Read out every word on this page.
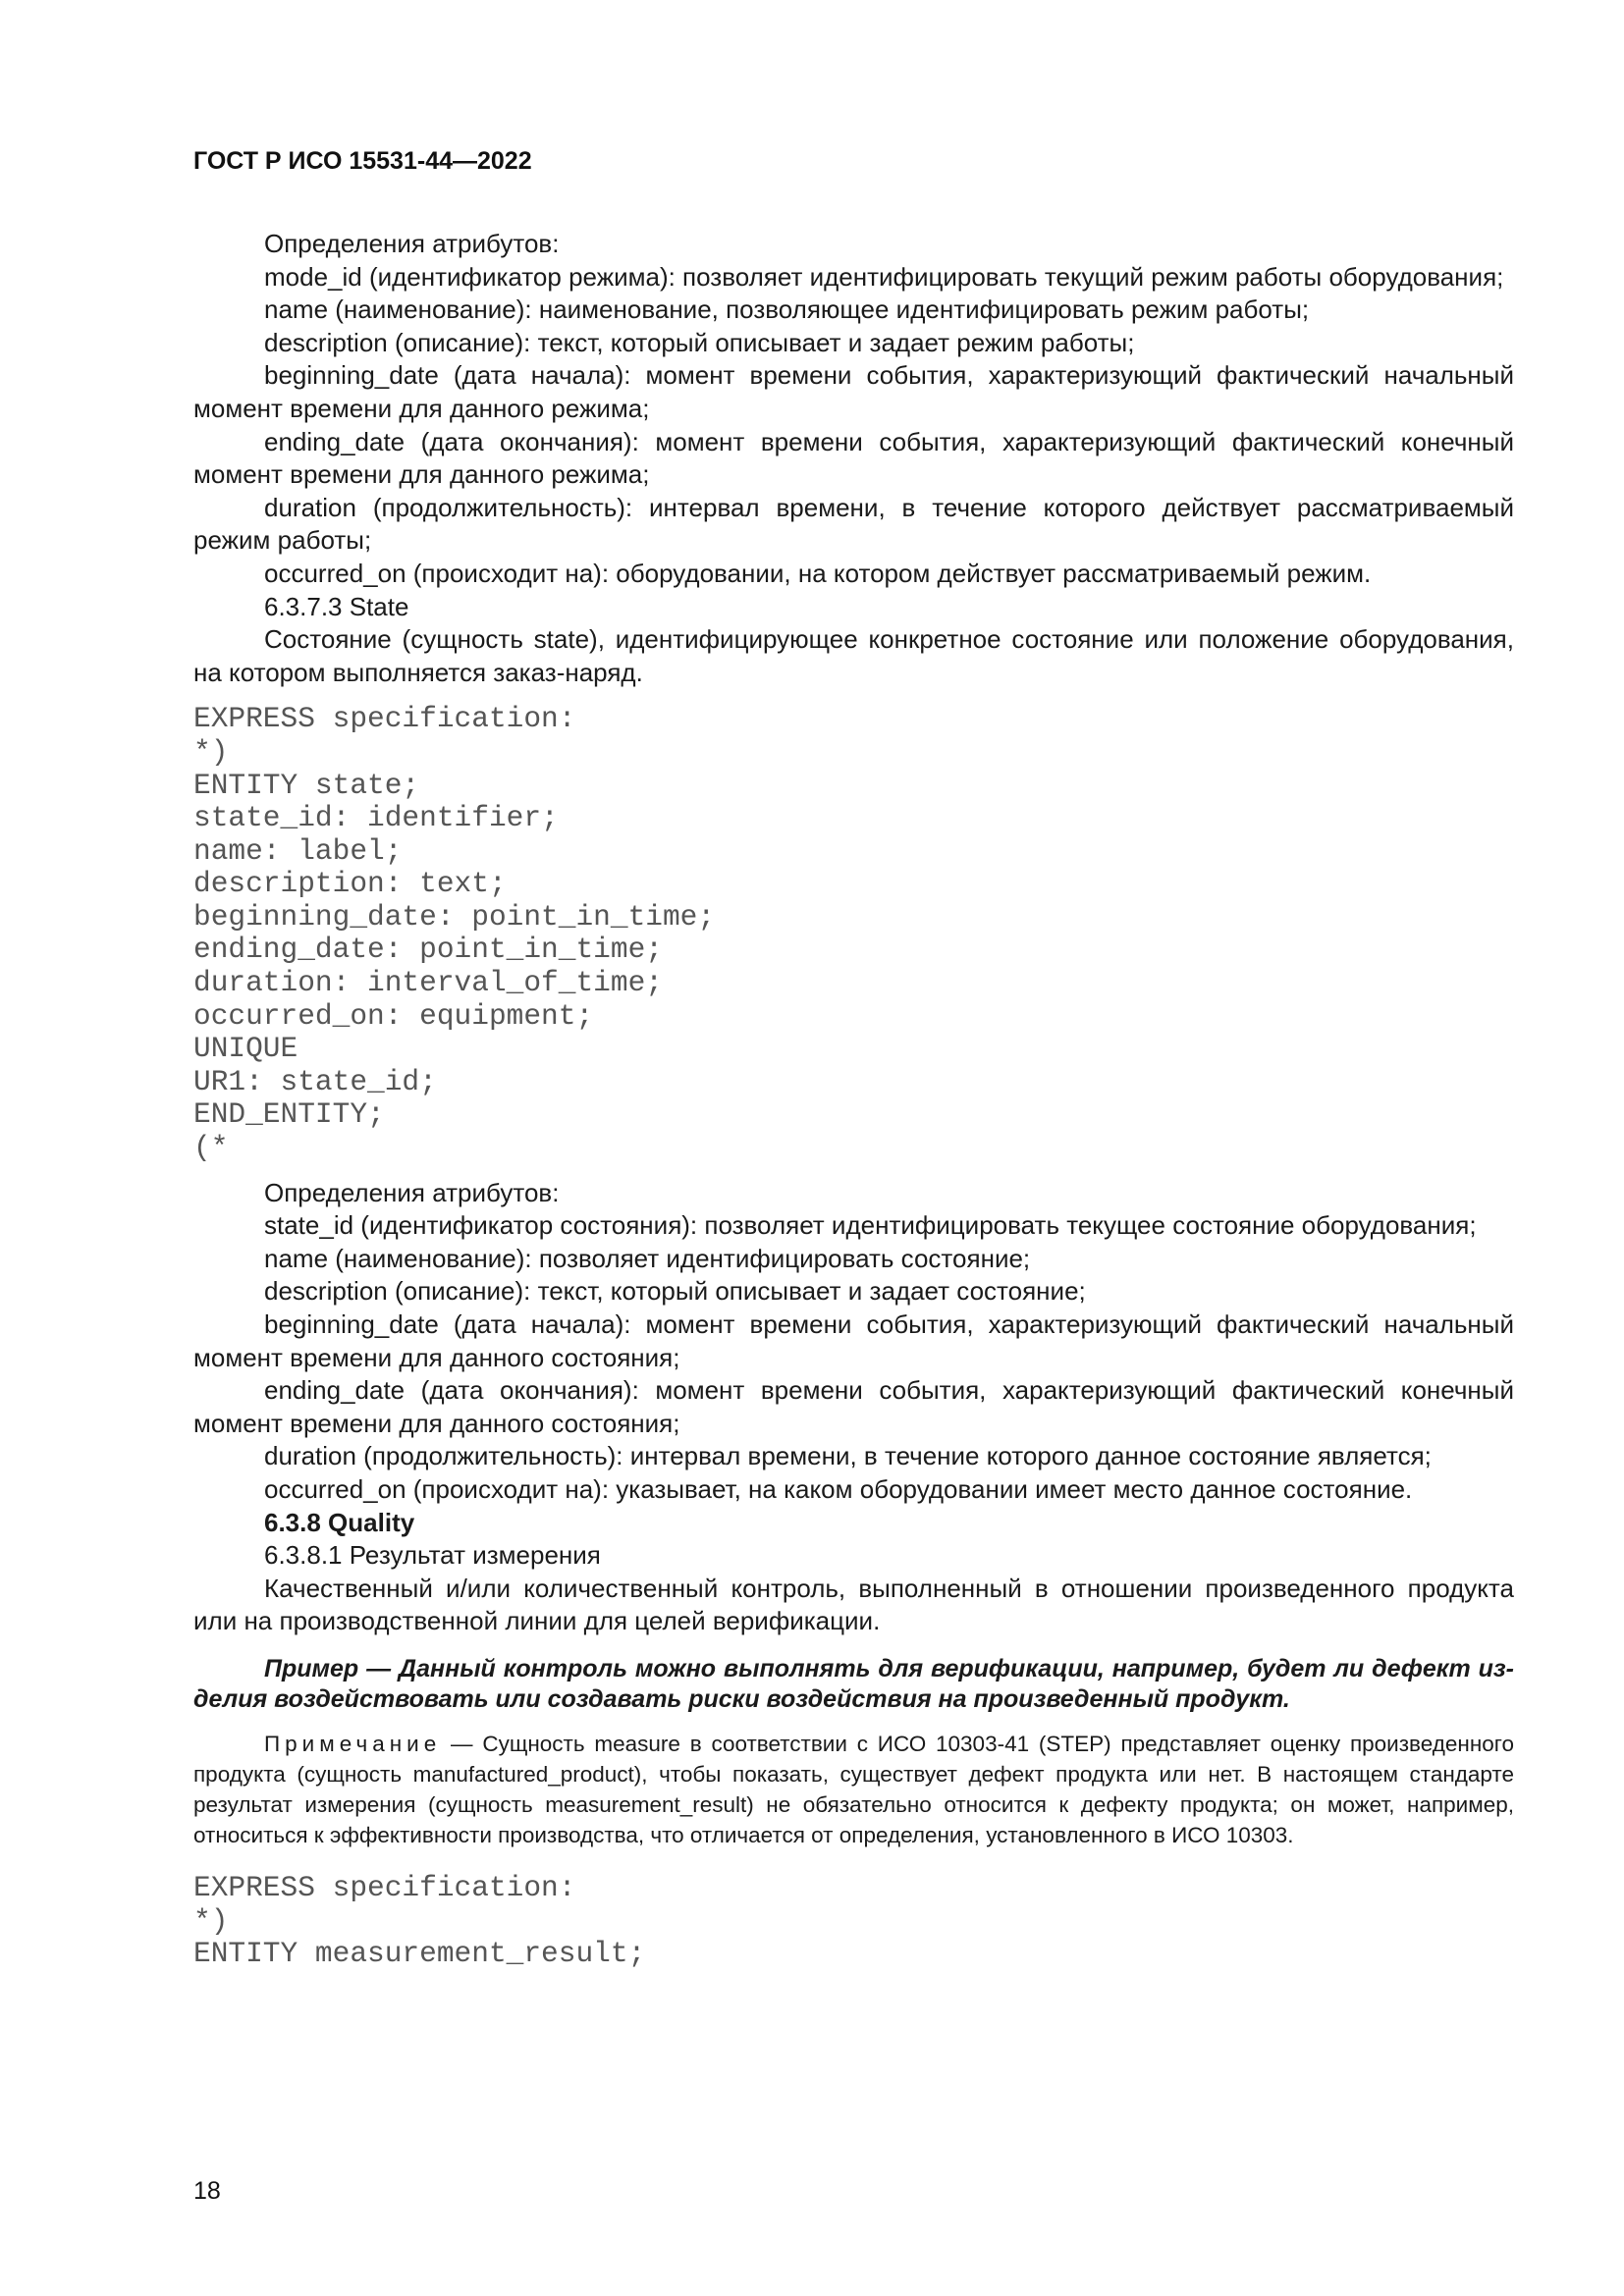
ГОСТ Р ИСО 15531-44—2022

Определения атрибутов:

mode_id (идентификатор режима): позволяет идентифицировать текущий режим работы оборудования;

name (наименование): наименование, позволяющее идентифицировать режим работы;

description (описание): текст, который описывает и задает режим работы;

beginning_date (дата начала): момент времени события, характеризующий фактический начальный момент времени для данного режима;

ending_date (дата окончания): момент времени события, характеризующий фактический конечный момент времени для данного режима;

duration (продолжительность): интервал времени, в течение которого действует рассматриваемый режим работы;

occurred_on (происходит на): оборудовании, на котором действует рассматриваемый режим.

6.3.7.3 State

Состояние (сущность state), идентифицирующее конкретное состояние или положение оборудования, на котором выполняется заказ-наряд.

EXPRESS specification:
*)
ENTITY state;
state_id: identifier;
name: label;
description: text;
beginning_date: point_in_time;
ending_date: point_in_time;
duration: interval_of_time;
occurred_on: equipment;
UNIQUE
UR1: state_id;
END_ENTITY;
(*

Определения атрибутов:

state_id (идентификатор состояния): позволяет идентифицировать текущее состояние оборудования;

name (наименование): позволяет идентифицировать состояние;

description (описание): текст, который описывает и задает состояние;

beginning_date (дата начала): момент времени события, характеризующий фактический начальный момент времени для данного состояния;

ending_date (дата окончания): момент времени события, характеризующий фактический конечный момент времени для данного состояния;

duration (продолжительность): интервал времени, в течение которого данное состояние является;

occurred_on (происходит на): указывает, на каком оборудовании имеет место данное состояние.

6.3.8 Quality

6.3.8.1 Результат измерения

Качественный и/или количественный контроль, выполненный в отношении произведенного продукта или на производственной линии для целей верификации.

Пример — Данный контроль можно выполнять для верификации, например, будет ли дефект изделия воздействовать или создавать риски воздействия на произведенный продукт.

Примечание — Сущность measure в соответствии с ИСО 10303-41 (STEP) представляет оценку произведенного продукта (сущность manufactured_product), чтобы показать, существует дефект продукта или нет. В настоящем стандарте результат измерения (сущность measurement_result) не обязательно относится к дефекту продукта; он может, например, относиться к эффективности производства, что отличается от определения, установленного в ИСО 10303.

EXPRESS specification:
*)
ENTITY measurement_result;
18
